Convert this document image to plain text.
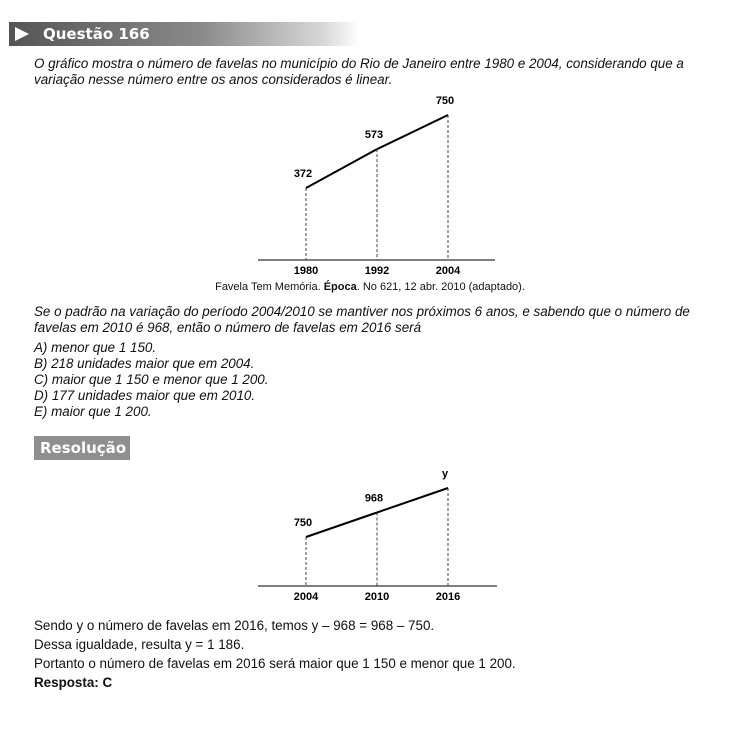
Questão 166
O gráfico mostra o número de favelas no município do Rio de Janeiro entre 1980 e 2004, considerando que a variação nesse número entre os anos considerados é linear.
1980
372
1992
573
2004
750
2004
750
2010
968
2016
y
Favela Tem Memória. Época. No 621, 12 abr. 2010 (adaptado).
Se o padrão na variação do período 2004/2010 se mantiver nos próximos 6 anos, e sabendo que o número de favelas em 2010 é 968, então o número de favelas em 2016 será
A) menor que 1 150.
B) 218 unidades maior que em 2004.
C) maior que 1 150 e menor que 1 200.
D) 177 unidades maior que em 2010.
E) maior que 1 200.
Resolução
Sendo y o número de favelas em 2016, temos y – 968 = 968 – 750.
Dessa igualdade, resulta y = 1 186.
Portanto o número de favelas em 2016 será maior que 1 150 e menor que 1 200.
Resposta: C
